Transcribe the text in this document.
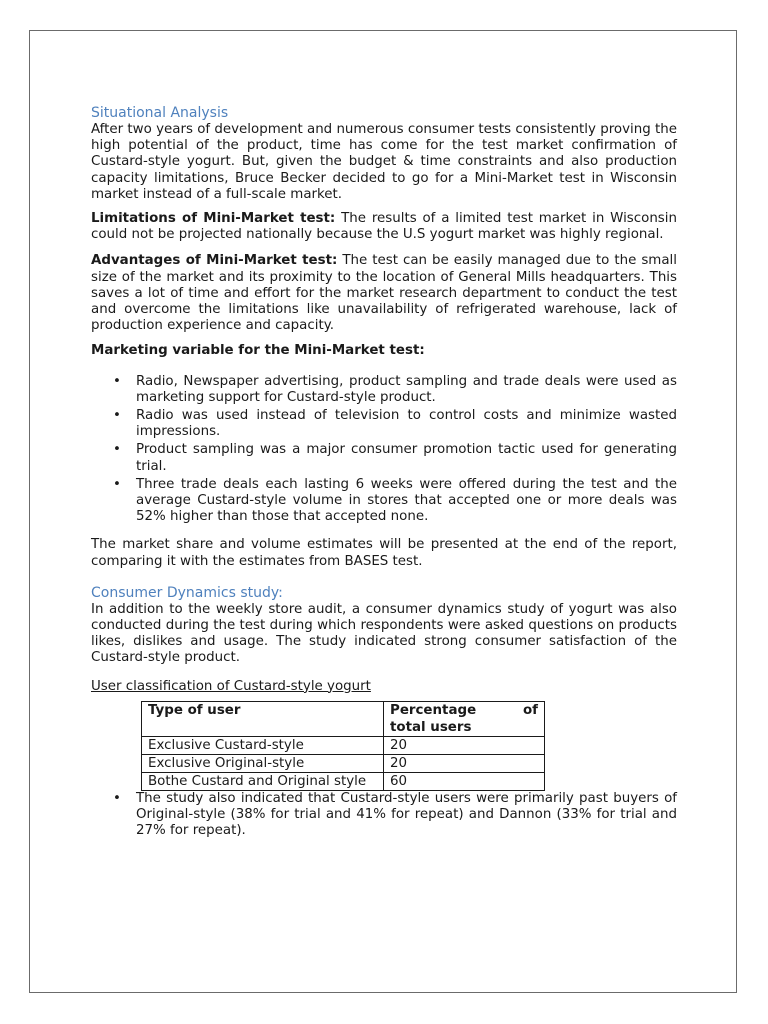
Situational Analysis

After two years of development and numerous consumer tests consistently proving the high potential of the product, time has come for the test market confirmation of Custard-style yogurt. But, given the budget & time constraints and also production capacity limitations, Bruce Becker decided to go for a Mini-Market test in Wisconsin market instead of a full-scale market.

Limitations of Mini-Market test: The results of a limited test market in Wisconsin could not be projected nationally because the U.S yogurt market was highly regional.

Advantages of Mini-Market test: The test can be easily managed due to the small size of the market and its proximity to the location of General Mills headquarters. This saves a lot of time and effort for the market research department to conduct the test and overcome the limitations like unavailability of refrigerated warehouse, lack of production experience and capacity.

Marketing variable for the Mini-Market test:

• Radio, Newspaper advertising, product sampling and trade deals were used as marketing support for Custard-style product.
• Radio was used instead of television to control costs and minimize wasted impressions.
• Product sampling was a major consumer promotion tactic used for generating trial.
• Three trade deals each lasting 6 weeks were offered during the test and the average Custard-style volume in stores that accepted one or more deals was 52% higher than those that accepted none.

The market share and volume estimates will be presented at the end of the report, comparing it with the estimates from BASES test.

Consumer Dynamics study:

In addition to the weekly store audit, a consumer dynamics study of yogurt was also conducted during the test during which respondents were asked questions on products likes, dislikes and usage. The study indicated strong consumer satisfaction of the Custard-style product.

User classification of Custard-style yogurt

Type of user	Percentage of
total users

Exclusive Custard-style	20
Exclusive Original-style	20
Bothe Custard and Original style	60
• The study also indicated that Custard-style users were primarily past buyers of Original-style (38% for trial and 41% for repeat) and Dannon (33% for trial and 27% for repeat).
